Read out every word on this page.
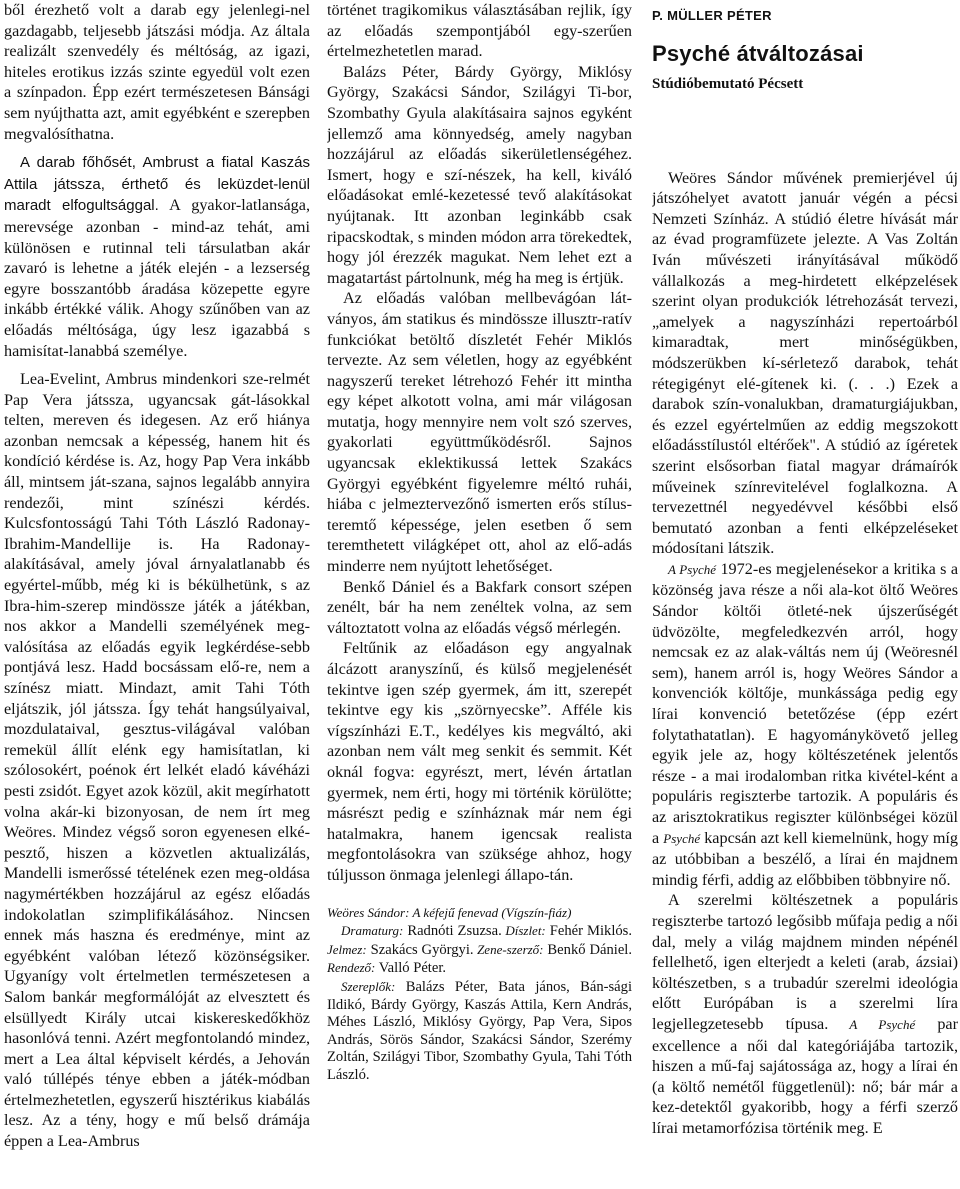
ből érezhető volt a darab egy jelenlegi-nel gazdagabb, teljesebb játszási módja. Az általa realizált szenvedély és méltóság, az igazi, hiteles erotikus izzás szinte egyedül volt ezen a színpadon. Épp ezért természetesen Bánsági sem nyújthatta azt, amit egyébként e szerepben megvalósíthatna.

A darab főhősét, Ambrust a fiatal Kaszás Attila játssza, érthető és leküzdet-lenül maradt elfogultsággal. A gyakor-latlansága, merevsége azonban - mind-az tehát, ami különösen e rutinnal teli társulatban akár zavaró is lehetne a játék elején - a lezserség egyre bosszantóbb áradása közepette egyre inkább értékké válik. Ahogy szűnőben van az előadás méltósága, úgy lesz igazabbá s hamisítat-lanabbá személye.

Lea-Evelint, Ambrus mindenkori sze-relmét Pap Vera játssza, ugyancsak gát-lásokkal telten, mereven és idegesen. Az erő hiánya azonban nemcsak a képesség, hanem hit és kondíció kérdése is. Az, hogy Pap Vera inkább áll, mintsem ját-szana, sajnos legalább annyira rendezői, mint színészi kérdés. Kulcsfontosságú Tahi Tóth László Radonay-Ibrahim-Mandellije is. Ha Radonay-alakításával, amely jóval árnyalatlanabb és egyértel-műbb, még ki is békülhetünk, s az Ibra-him-szerep mindössze játék a játékban, nos akkor a Mandelli személyének meg-valósítása az előadás egyik legkérdése-sebb pontjává lesz. Hadd bocsássam elő-re, nem a színész miatt. Mindazt, amit Tahi Tóth eljátszik, jól játssza. Így tehát hangsúlyaival, mozdulataival, gesztus-világával valóban remekül állít elénk egy hamisítatlan, ki szólosokért, poénok ért lelkét eladó kávéházi pesti zsidót. Egyet azok közül, akit megírhatott volna akár-ki bizonyosan, de nem írt meg Weöres. Mindez végső soron egyenesen elké-pesztő, hiszen a közvetlen aktualizálás, Mandelli ismerőssé tételének ezen meg-oldása nagymértékben hozzájárul az egész előadás indokolatlan szimplifikálásához. Nincsen ennek más haszna és eredménye, mint az egyébként valóban létező közönségsiker. Ugyanígy volt értelmetlen természetesen a Salom bankár megformálóját az elvesztett és elsüllyedt Király utcai kiskereskedőkhöz hasonlóvá tenni. Azért megfontolandó mindez, mert a Lea által képviselt kérdés, a Jehován való túllépés ténye ebben a játék-módban értelmezhetetlen, egyszerű hisztérikus kiabálás lesz. Az a tény, hogy e mű belső drámája éppen a Lea-Ambrus

történet tragikomikus választásában rejlik, így az előadás szempontjából egy-szerűen értelmezhetetlen marad.

Balázs Péter, Bárdy György, Miklósy György, Szakácsi Sándor, Szilágyi Ti-bor, Szombathy Gyula alakításaira sajnos egyként jellemző ama könnyedség, amely nagyban hozzájárul az előadás sikerületlenségéhez. Ismert, hogy e szí-nészek, ha kell, kiváló előadásokat emlé-kezetessé tevő alakításokat nyújtanak. Itt azonban leginkább csak ripacskodtak, s minden módon arra törekedtek, hogy jól érezzék magukat. Nem lehet ezt a magatartást pártolnunk, még ha meg is értjük.

Az előadás valóban mellbevágóan lát-ványos, ám statikus és mindössze illusztr-ratív funkciókat betöltő díszletét Fehér Miklós tervezte. Az sem véletlen, hogy az egyébként nagyszerű tereket létrehozó Fehér itt mintha egy képet alkotott volna, ami már világosan mutatja, hogy mennyire nem volt szó szerves, gyakorlati együttműködésről. Sajnos ugyancsak eklektikussá lettek Szakács Györgyi egyébként figyelemre méltó ruhái, hiába c jelmeztervezőnő ismerten erős stílus-teremtő képessége, jelen esetben ő sem teremthetett világképet ott, ahol az elő-adás minderre nem nyújtott lehetőséget.

Benkő Dániel és a Bakfark consort szépen zenélt, bár ha nem zenéltek volna, az sem változtatott volna az előadás végső mérlegén.

Feltűnik az előadáson egy angyalnak álcázott aranyszínű, és külső megjelenését tekintve igen szép gyermek, ám itt, szerepét tekintve egy kis „szörnyecske”. Afféle kis vígszínházi E.T., kedélyes kis megváltó, aki azonban nem vált meg senkit és semmit. Két oknál fogva: egyrészt, mert, lévén ártatlan gyermek, nem érti, hogy mi történik körülötte; másrészt pedig e színháznak már nem égi hatalmakra, hanem igencsak realista megfontolásokra van szüksége ahhoz, hogy túljusson önmaga jelenlegi állapo-tán.

Weöres Sándor: A kéfejű fenevad (Vígszín-fiáz)

Dramaturg: Radnóti Zsuzsa. Díszlet: Fehér Miklós. Jelmez: Szakács Györgyi. Zene-szerző: Benkő Dániel. Rendező: Valló Péter.

Szereplők: Balázs Péter, Bata jános, Bán-sági Ildikó, Bárdy György, Kaszás Attila, Kern András, Méhes László, Miklósy György, Pap Vera, Sipos András, Sörös Sándor, Szakácsi Sándor, Szerémy Zoltán, Szilágyi Tibor, Szombathy Gyula, Tahi Tóth László.

P. MÜLLER PÉTER
Psyché átváltozásai
Stúdióbemutató Pécsett

Weöres Sándor művének premierjével új játszóhelyet avatott január végén a pécsi Nemzeti Színház. A stúdió életre hívását már az évad programfüzete jelezte. A Vas Zoltán Iván művészeti irányításával működő vállalkozás a meg-hirdetett elképzelések szerint olyan produkciók létrehozását tervezi, „amelyek a nagyszínházi repertoárból kimaradtak, mert minőségükben, módszerükben kí-sérletező darabok, tehát rétegigényt elé-gítenek ki. (. . .) Ezek a darabok szín-vonalukban, dramaturgiájukban, és ezzel egyértelműen az eddig megszokott előadásstílustól eltérőek". A stúdió az ígéretek szerint elsősorban fiatal magyar drámaírók műveinek színrevitelével foglalkozna. A tervezettnél negyedévvel későbbi első bemutató azonban a fenti elképzeléseket módosítani látszik.

A Psyché 1972-es megjelenésekor a kritika s a közönség java része a női ala-kot öltő Weöres Sándor költői ötleté-nek újszerűségét üdvözölte, megfeledkezvén arról, hogy nemcsak ez az alak-váltás nem új (Weöresnél sem), hanem arról is, hogy Weöres Sándor a konvenciók költője, munkássága pedig egy lírai konvenció betetőzése (épp ezért folytathatatlan). E hagyománykövető jelleg egyik jele az, hogy költészetének jelentős része - a mai irodalomban ritka kivétel-ként a populáris regiszterbe tartozik. A populáris és az arisztokratikus regiszter különbségei közül a Psyché kapcsán azt kell kiemelnünk, hogy míg az utóbbiban a beszélő, a lírai én majdnem mindig férfi, addig az előbbiben többnyire nő.

A szerelmi költészetnek a populáris regiszterbe tartozó legősibb műfaja pedig a női dal, mely a világ majdnem minden népénél fellelhető, igen elterjedt a keleti (arab, ázsiai) költészetben, s a trubadúr szerelmi ideológia előtt Európában is a szerelmi líra legjellegzetesebb típusa. A Psyché par excellence a női dal kategóriájába tartozik, hiszen a mű-faj sajátossága az, hogy a lírai én (a költő nemétől függetlenül): nő; bár már a kez-detektől gyakoribb, hogy a férfi szerző lírai metamorfózisa történik meg. E
